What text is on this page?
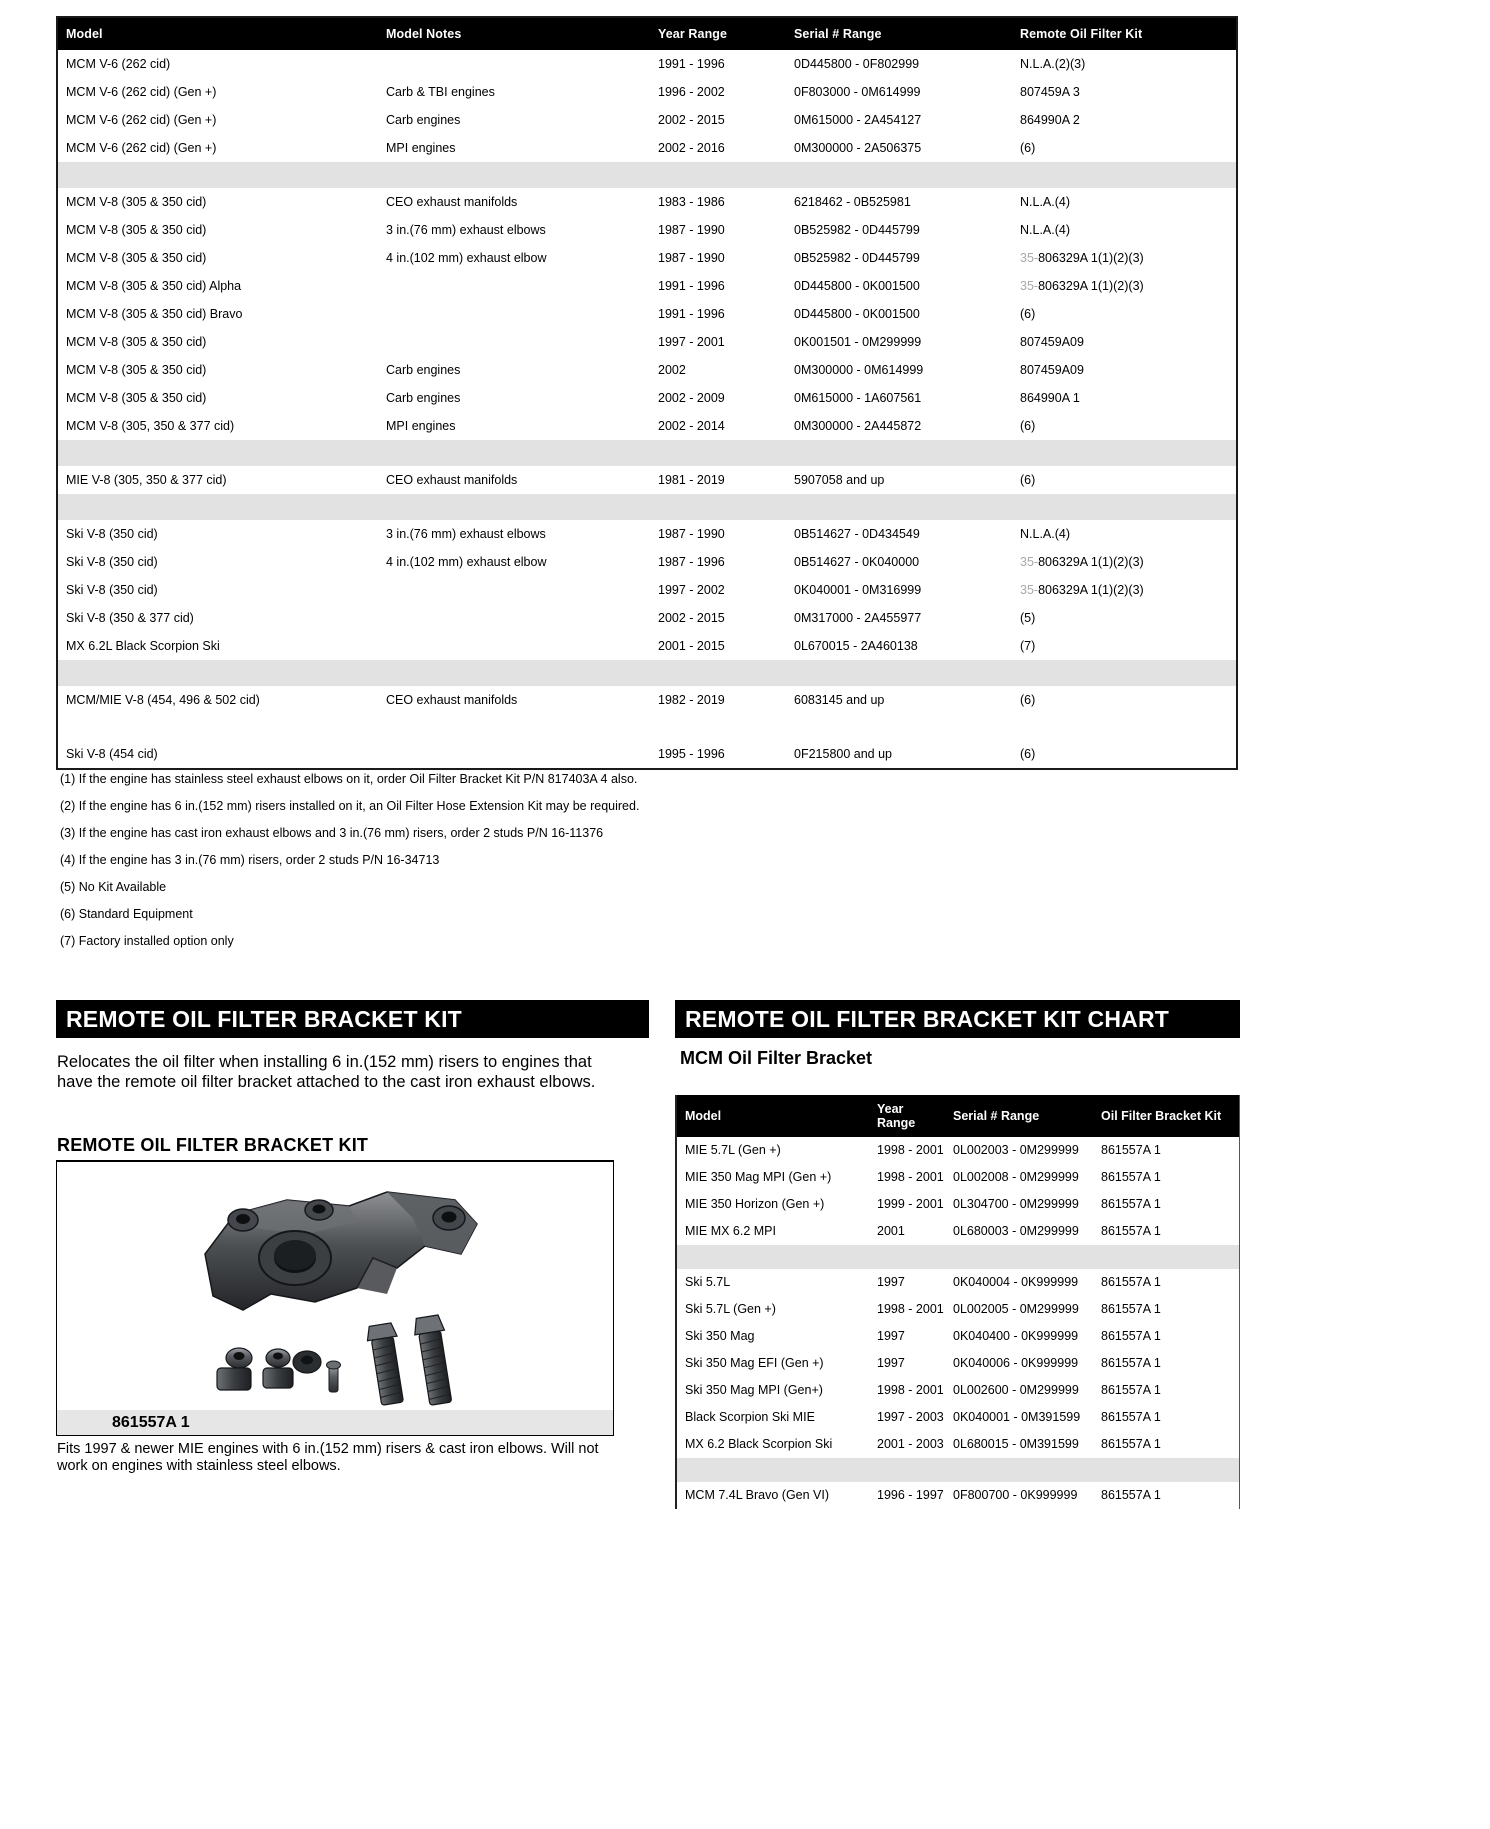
Model	Model Notes	Year Range	Serial # Range	Remote Oil Filter Kit
MCM V-6 (262 cid)		1991 - 1996	0D445800 - 0F802999	N.L.A.(2)(3)
MCM V-6 (262 cid) (Gen +)	Carb & TBI engines	1996 - 2002	0F803000 - 0M614999	807459A 3
MCM V-6 (262 cid) (Gen +)	Carb engines	2002 - 2015	0M615000 - 2A454127	864990A 2
MCM V-6 (262 cid) (Gen +)	MPI engines	2002 - 2016	0M300000 - 2A506375	(6)

MCM V-8 (305 & 350 cid)	CEO exhaust manifolds	1983 - 1986	6218462 - 0B525981	N.L.A.(4)
MCM V-8 (305 & 350 cid)	3 in.(76 mm) exhaust elbows	1987 - 1990	0B525982 - 0D445799	N.L.A.(4)
MCM V-8 (305 & 350 cid)	4 in.(102 mm) exhaust elbow	1987 - 1990	0B525982 - 0D445799	35-806329A 1(1)(2)(3)
MCM V-8 (305 & 350 cid) Alpha		1991 - 1996	0D445800 - 0K001500	35-806329A 1(1)(2)(3)
MCM V-8 (305 & 350 cid) Bravo		1991 - 1996	0D445800 - 0K001500	(6)
MCM V-8 (305 & 350 cid)		1997 - 2001	0K001501 - 0M299999	807459A09
MCM V-8 (305 & 350 cid)	Carb engines	2002	0M300000 - 0M614999	807459A09
MCM V-8 (305 & 350 cid)	Carb engines	2002 - 2009	0M615000 - 1A607561	864990A 1
MCM V-8 (305, 350 & 377 cid)	MPI engines	2002 - 2014	0M300000 - 2A445872	(6)

MIE V-8 (305, 350 & 377 cid)	CEO exhaust manifolds	1981 - 2019	5907058 and up	(6)

Ski V-8 (350 cid)	3 in.(76 mm) exhaust elbows	1987 - 1990	0B514627 - 0D434549	N.L.A.(4)
Ski V-8 (350 cid)	4 in.(102 mm) exhaust elbow	1987 - 1996	0B514627 - 0K040000	35-806329A 1(1)(2)(3)
Ski V-8 (350 cid)		1997 - 2002	0K040001 - 0M316999	35-806329A 1(1)(2)(3)
Ski V-8 (350 & 377 cid)		2002 - 2015	0M317000 - 2A455977	(5)
MX 6.2L Black Scorpion Ski		2001 - 2015	0L670015 - 2A460138	(7)

MCM/MIE V-8 (454, 496 & 502 cid)	CEO exhaust manifolds	1982 - 2019	6083145 and up	(6)

Ski V-8 (454 cid)		1995 - 1996	0F215800 and up	(6)
(1) If the engine has stainless steel exhaust elbows on it, order Oil Filter Bracket Kit P/N 817403A 4 also.
(2) If the engine has 6 in.(152 mm) risers installed on it, an Oil Filter Hose Extension Kit may be required.
(3) If the engine has cast iron exhaust elbows and 3 in.(76 mm) risers, order 2 studs P/N 16-11376
(4) If the engine has 3 in.(76 mm) risers, order 2 studs P/N 16-34713
(5) No Kit Available
(6) Standard Equipment
(7) Factory installed option only
REMOTE OIL FILTER BRACKET KIT
Relocates the oil filter when installing 6 in.(152 mm) risers to engines that have the remote oil filter bracket attached to the cast iron exhaust elbows.
REMOTE OIL FILTER BRACKET KIT
861557A 1
Fits 1997 & newer MIE engines with 6 in.(152 mm) risers & cast iron elbows. Will not work on engines with stainless steel elbows.
REMOTE OIL FILTER BRACKET KIT CHART
MCM Oil Filter Bracket
Model	Year Range	Serial # Range	Oil Filter Bracket Kit
MIE 5.7L (Gen +)	1998 - 2001	0L002003 - 0M299999	861557A 1
MIE 350 Mag MPI (Gen +)	1998 - 2001	0L002008 - 0M299999	861557A 1
MIE 350 Horizon (Gen +)	1999 - 2001	0L304700 - 0M299999	861557A 1
MIE MX 6.2 MPI	2001	0L680003 - 0M299999	861557A 1

Ski 5.7L	1997	0K040004 - 0K999999	861557A 1
Ski 5.7L (Gen +)	1998 - 2001	0L002005 - 0M299999	861557A 1
Ski 350 Mag	1997	0K040400 - 0K999999	861557A 1
Ski 350 Mag EFI (Gen +)	1997	0K040006 - 0K999999	861557A 1
Ski 350 Mag MPI (Gen+)	1998 - 2001	0L002600 - 0M299999	861557A 1
Black Scorpion Ski MIE	1997 - 2003	0K040001 - 0M391599	861557A 1
MX 6.2 Black Scorpion Ski	2001 - 2003	0L680015 - 0M391599	861557A 1

MCM 7.4L Bravo (Gen VI)	1996 - 1997	0F800700 - 0K999999	861557A 1
